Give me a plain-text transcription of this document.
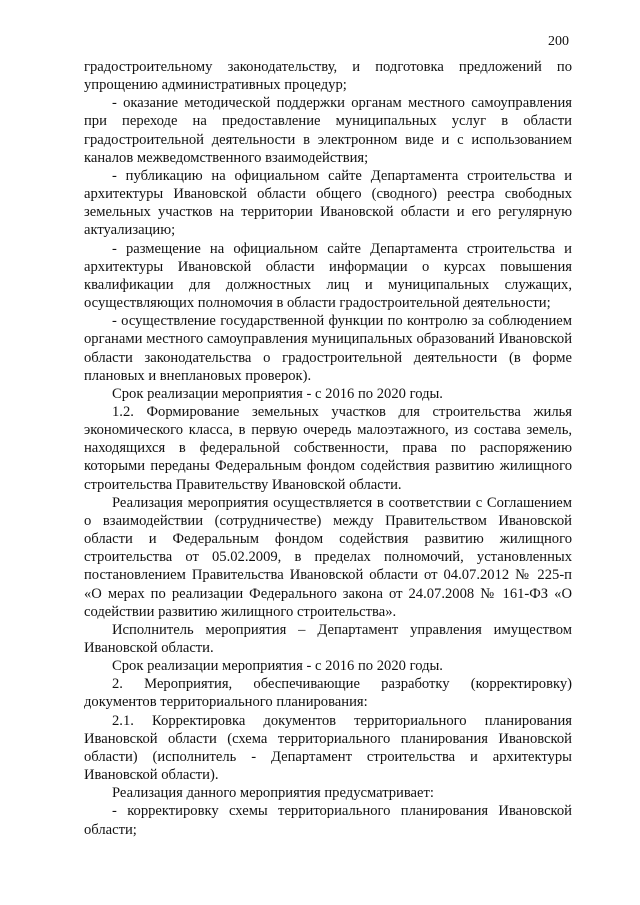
200

градостроительному законодательству, и подготовка предложений по упрощению административных процедур;

- оказание методической поддержки органам местного самоуправления при переходе на предоставление муниципальных услуг в области градостроительной деятельности в электронном виде и с использованием каналов межведомственного взаимодействия;

- публикацию на официальном сайте Департамента строительства и архитектуры Ивановской области общего (сводного) реестра свободных земельных участков на территории Ивановской области и его регулярную актуализацию;

- размещение на официальном сайте Департамента строительства и архитектуры Ивановской области информации о курсах повышения квалификации для должностных лиц и муниципальных служащих, осуществляющих полномочия в области градостроительной деятельности;

- осуществление государственной функции по контролю за соблюдением органами местного самоуправления муниципальных образований Ивановской области законодательства о градостроительной деятельности (в форме плановых и внеплановых проверок).

Срок реализации мероприятия - с 2016 по 2020 годы.

1.2. Формирование земельных участков для строительства жилья экономического класса, в первую очередь малоэтажного, из состава земель, находящихся в федеральной собственности, права по распоряжению которыми переданы Федеральным фондом содействия развитию жилищного строительства Правительству Ивановской области.

Реализация мероприятия осуществляется в соответствии с Соглашением о взаимодействии (сотрудничестве) между Правительством Ивановской области и Федеральным фондом содействия развитию жилищного строительства от 05.02.2009, в пределах полномочий, установленных постановлением Правительства Ивановской области от 04.07.2012 № 225-п «О мерах по реализации Федерального закона от 24.07.2008 № 161-ФЗ «О содействии развитию жилищного строительства».

Исполнитель мероприятия – Департамент управления имуществом Ивановской области.

Срок реализации мероприятия - с 2016 по 2020 годы.

2. Мероприятия, обеспечивающие разработку (корректировку) документов территориального планирования:

2.1. Корректировка документов территориального планирования Ивановской области (схема территориального планирования Ивановской области) (исполнитель - Департамент строительства и архитектуры Ивановской области).

Реализация данного мероприятия предусматривает:

- корректировку схемы территориального планирования Ивановской области;
